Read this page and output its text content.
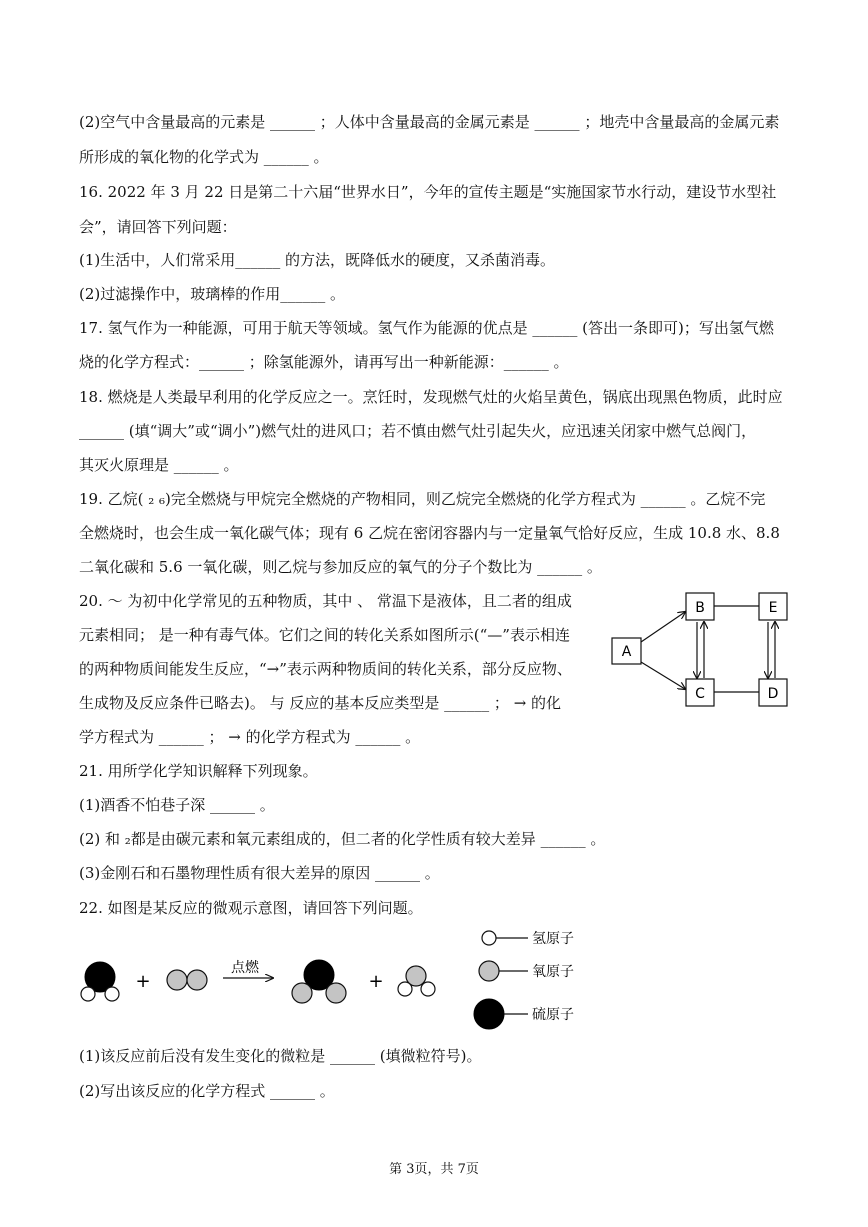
(2)空气中含量最高的元素是 ______ ；人体中含量最高的金属元素是 ______ ；地壳中含量最高的金属元素
所形成的氧化物的化学式为 ______ 。
16. 2022 年 3 月 22 日是第二十六届“世界水日”，今年的宣传主题是“实施国家节水行动，建设节水型社
会”，请回答下列问题：
(1)生活中，人们常采用______ 的方法，既降低水的硬度，又杀菌消毒。
(2)过滤操作中，玻璃棒的作用______ 。
17. 氢气作为一种能源，可用于航天等领域。氢气作为能源的优点是 ______ (答出一条即可)；写出氢气燃
烧的化学方程式：______ ；除氢能源外，请再写出一种新能源：______ 。
18. 燃烧是人类最早利用的化学反应之一。烹饪时，发现燃气灶的火焰呈黄色，锅底出现黑色物质，此时应
______ (填“调大”或“调小”)燃气灶的进风口；若不慎由燃气灶引起失火，应迅速关闭家中燃气总阀门，
其灭火原理是 ______ 。
19. 乙烷( ₂ ₆)完全燃烧与甲烷完全燃烧的产物相同，则乙烷完全燃烧的化学方程式为 ______ 。乙烷不完
全燃烧时，也会生成一氧化碳气体；现有 6 乙烷在密闭容器内与一定量氧气恰好反应，生成 10.8 水、8.8
二氧化碳和 5.6 一氧化碳，则乙烷与参加反应的氧气的分子个数比为 ______ 。
20. ～ 为初中化学常见的五种物质，其中 、 常温下是液体，且二者的组成
元素相同； 是一种有毒气体。它们之间的转化关系如图所示(“—”表示相连
的两种物质间能发生反应，“→”表示两种物质间的转化关系，部分反应物、
生成物及反应条件已略去)。 与 反应的基本反应类型是 ______ ； → 的化
学方程式为 ______ ； → 的化学方程式为 ______ 。
21. 用所学化学知识解释下列现象。
(1)酒香不怕巷子深 ______ 。
(2) 和 ₂都是由碳元素和氧元素组成的，但二者的化学性质有较大差异 ______ 。
(3)金刚石和石墨物理性质有很大差异的原因 ______ 。
22. 如图是某反应的微观示意图，请回答下列问题。
(1)该反应前后没有发生变化的微粒是 ______ (填微粒符号)。
(2)写出该反应的化学方程式 ______ 。
A
B
C	D
E
+
点燃
+
氢原子
氧原子
硫原子
第 3页，共 7页
